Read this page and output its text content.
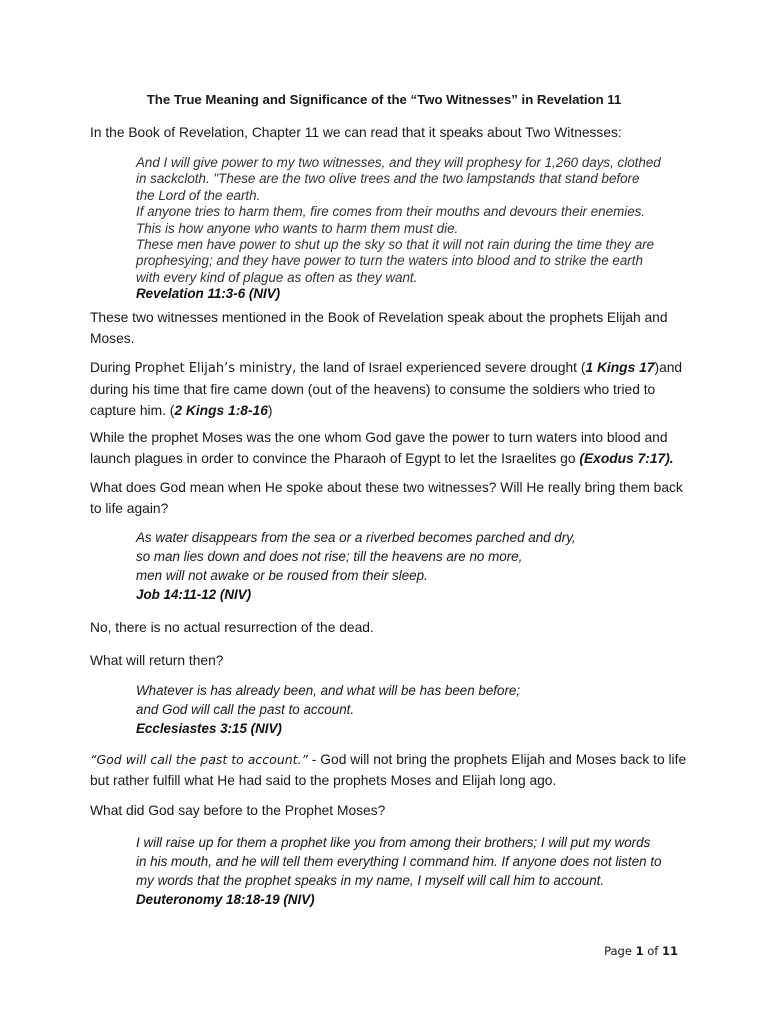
The True Meaning and Significance of the “Two Witnesses” in Revelation 11

In the Book of Revelation, Chapter 11 we can read that it speaks about Two Witnesses:

And I will give power to my two witnesses, and they will prophesy for 1,260 days, clothed
in sackcloth. "These are the two olive trees and the two lampstands that stand before
the Lord of the earth.
If anyone tries to harm them, fire comes from their mouths and devours their enemies.
This is how anyone who wants to harm them must die.
These men have power to shut up the sky so that it will not rain during the time they are
prophesying; and they have power to turn the waters into blood and to strike the earth
with every kind of plague as often as they want.
Revelation 11:3-6 (NIV)

These two witnesses mentioned in the Book of Revelation speak about the prophets Elijah and Moses.

During Prophet Elijah’s ministry, the land of Israel experienced severe drought (1 Kings 17)and during his time that fire came down (out of the heavens) to consume the soldiers who tried to capture him. (2 Kings 1:8-16)

While the prophet Moses was the one whom God gave the power to turn waters into blood and launch plagues in order to convince the Pharaoh of Egypt to let the Israelites go (Exodus 7:17).

What does God mean when He spoke about these two witnesses? Will He really bring them back to life again?

As water disappears from the sea or a riverbed becomes parched and dry,
so man lies down and does not rise; till the heavens are no more,
men will not awake or be roused from their sleep.
Job 14:11-12 (NIV)

No, there is no actual resurrection of the dead.

What will return then?

Whatever is has already been, and what will be has been before;
and God will call the past to account.
Ecclesiastes 3:15 (NIV)

“God will call the past to account.” - God will not bring the prophets Elijah and Moses back to life but rather fulfill what He had said to the prophets Moses and Elijah long ago.

What did God say before to the Prophet Moses?

I will raise up for them a prophet like you from among their brothers; I will put my words
in his mouth, and he will tell them everything I command him. If anyone does not listen to
my words that the prophet speaks in my name, I myself will call him to account.
Deuteronomy 18:18-19 (NIV)
Page 1 of 11
